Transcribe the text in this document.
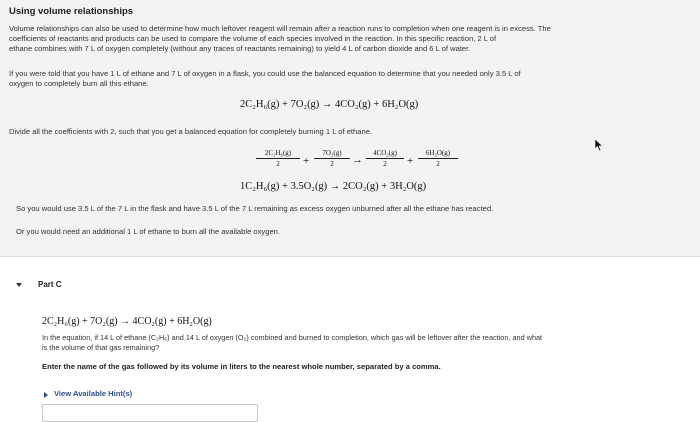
Using volume relationships
Volume relationships can also be used to determine how much leftover reagent will remain after a reaction runs to completion when one reagent is in excess. The
coefficients of reactants and products can be used to compare the volume of each species involved in the reaction. In this specific reaction, 2 L of
ethane combines with 7 L of oxygen completely (without any traces of reactants remaining) to yield 4 L of carbon dioxide and 6 L of water.
If you were told that you have 1 L of ethane and 7 L of oxygen in a flask, you could use the balanced equation to determine that you needed only 3.5 L of
oxygen to completely burn all this ethane.
2C₂H₆(g) + 7O₂(g) → 4CO₂(g) + 6H₂O(g)
Divide all the coefficients with 2, such that you get a balanced equation for completely burning 1 L of ethane.
$\frac{\text{2C₂H₆(g)}}{2} + \frac{\text{7O₂(g)}}{2} \to \frac{\text{4CO₂(g)}}{2} + \frac{\text{6H₂O(g)}}{2}$
1C₂H₆(g) + 3.5O₂(g) → 2CO₂(g) + 3H₂O(g)
So you would use 3.5 L of the 7 L in the flask and have 3.5 L of the 7 L remaining as excess oxygen unburned after all the ethane has reacted.
Or you would need an additional 1 L of ethane to burn all the available oxygen.
Part C
2C₂H₆(g) + 7O₂(g) → 4CO₂(g) + 6H₂O(g)
In the equation, if 14 L of ethane (C₂H₆) and 14 L of oxygen (O₂) combined and burned to completion, which gas will be leftover after the reaction, and what
is the volume of that gas remaining?
Enter the name of the gas followed by its volume in liters to the nearest whole number, separated by a comma.
View Available Hint(s)
